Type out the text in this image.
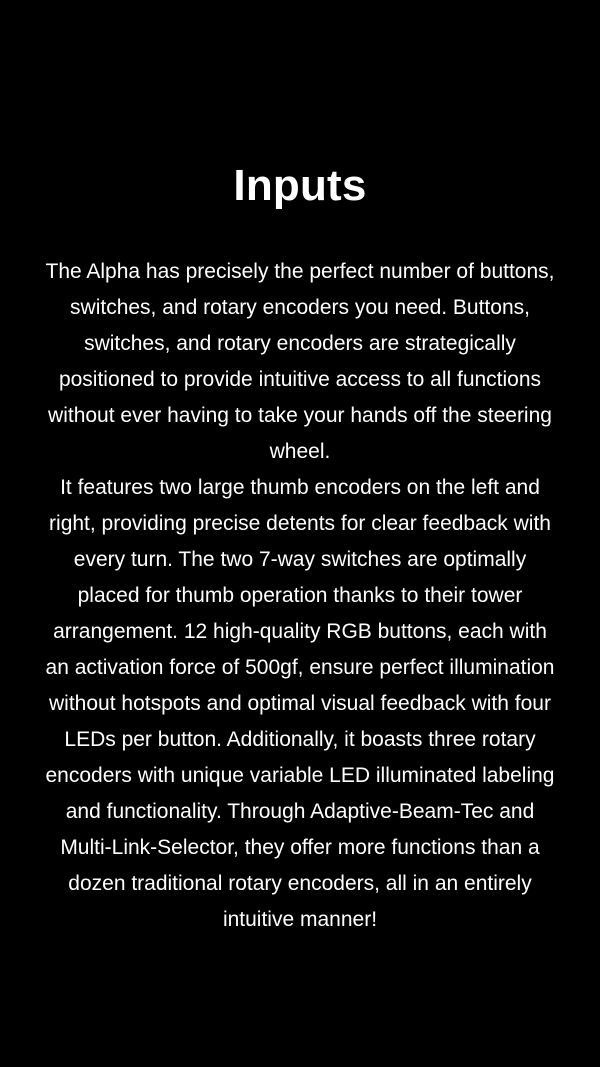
Inputs
The Alpha has precisely the perfect number of buttons, switches, and rotary encoders you need. Buttons, switches, and rotary encoders are strategically positioned to provide intuitive access to all functions without ever having to take your hands off the steering wheel.
It features two large thumb encoders on the left and right, providing precise detents for clear feedback with every turn. The two 7-way switches are optimally placed for thumb operation thanks to their tower arrangement. 12 high-quality RGB buttons, each with an activation force of 500gf, ensure perfect illumination without hotspots and optimal visual feedback with four LEDs per button. Additionally, it boasts three rotary encoders with unique variable LED illuminated labeling and functionality. Through Adaptive-Beam-Tec and Multi-Link-Selector, they offer more functions than a dozen traditional rotary encoders, all in an entirely intuitive manner!
